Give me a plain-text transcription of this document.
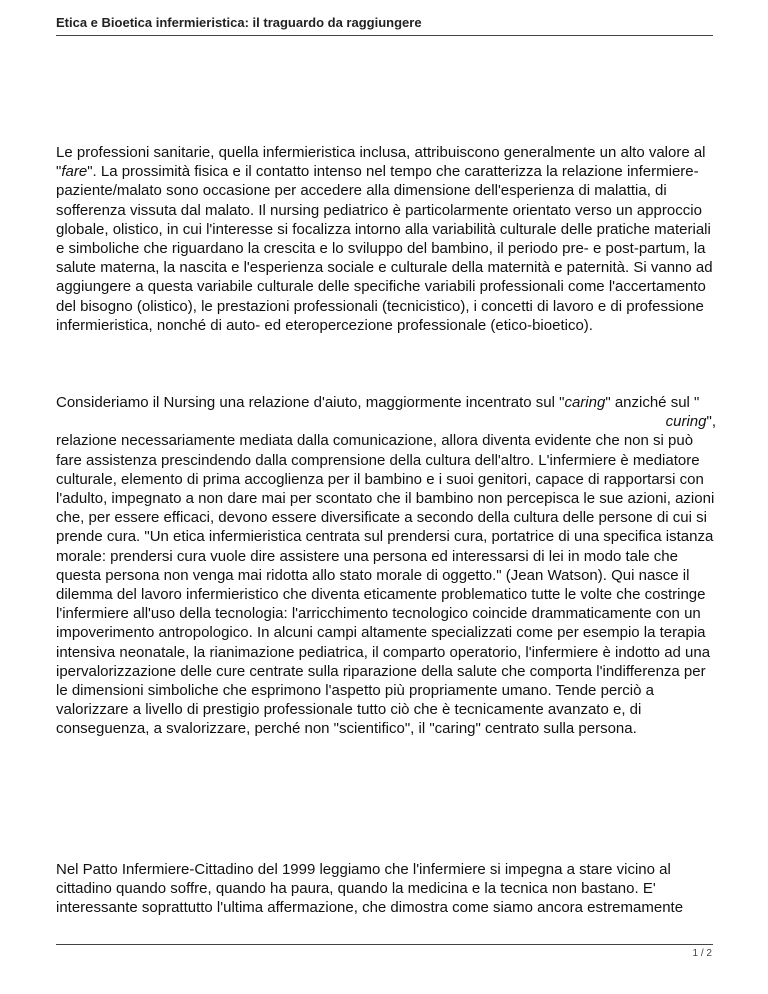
Etica e Bioetica infermieristica: il traguardo da raggiungere

Le professioni sanitarie, quella infermieristica inclusa, attribuiscono generalmente un alto valore al "fare". La prossimità fisica e il contatto intenso nel tempo che caratterizza la relazione infermiere-paziente/malato sono occasione per accedere alla dimensione dell'esperienza di malattia, di sofferenza vissuta dal malato. Il nursing pediatrico è particolarmente orientato verso un approccio globale, olistico, in cui l'interesse si focalizza intorno alla variabilità culturale delle pratiche materiali e simboliche che riguardano la crescita e lo sviluppo del bambino, il periodo pre- e post-partum, la salute materna, la nascita e l'esperienza sociale e culturale della maternità e paternità. Si vanno ad aggiungere a questa variabile culturale delle specifiche variabili professionali come l'accertamento del bisogno (olistico), le prestazioni professionali (tecnicistico), i concetti di lavoro e di professione infermieristica, nonché di auto- ed eteropercezione professionale (etico-bioetico).

Consideriamo il Nursing una relazione d'aiuto, maggiormente incentrato sul "caring" anziché sul "
curing",
relazione necessariamente mediata dalla comunicazione, allora diventa evidente che non si può fare assistenza prescindendo dalla comprensione della cultura dell'altro. L'infermiere è mediatore culturale, elemento di prima accoglienza per il bambino e i suoi genitori, capace di rapportarsi con l'adulto, impegnato a non dare mai per scontato che il bambino non percepisca le sue azioni, azioni che, per essere efficaci, devono essere diversificate a secondo della cultura delle persone di cui si prende cura. "Un etica infermieristica centrata sul prendersi cura, portatrice di una specifica istanza morale: prendersi cura vuole dire assistere una persona ed interessarsi di lei in modo tale che questa persona non venga mai ridotta allo stato morale di oggetto." (Jean Watson). Qui nasce il dilemma del lavoro infermieristico che diventa eticamente problematico tutte le volte che costringe l'infermiere all'uso della tecnologia: l'arricchimento tecnologico coincide drammaticamente con un impoverimento antropologico. In alcuni campi altamente specializzati come per esempio la terapia intensiva neonatale, la rianimazione pediatrica, il comparto operatorio, l'infermiere è indotto ad una ipervalorizzazione delle cure centrate sulla riparazione della salute che comporta l'indifferenza per le dimensioni simboliche che esprimono l'aspetto più propriamente umano. Tende perciò a valorizzare a livello di prestigio professionale tutto ciò che è tecnicamente avanzato e, di conseguenza, a svalorizzare, perché non "scientifico", il "caring" centrato sulla persona.

Nel Patto Infermiere-Cittadino del 1999 leggiamo che l'infermiere si impegna a stare vicino al cittadino quando soffre, quando ha paura, quando la medicina e la tecnica non bastano. E' interessante soprattutto l'ultima affermazione, che dimostra come siamo ancora estremamente

1 / 2
